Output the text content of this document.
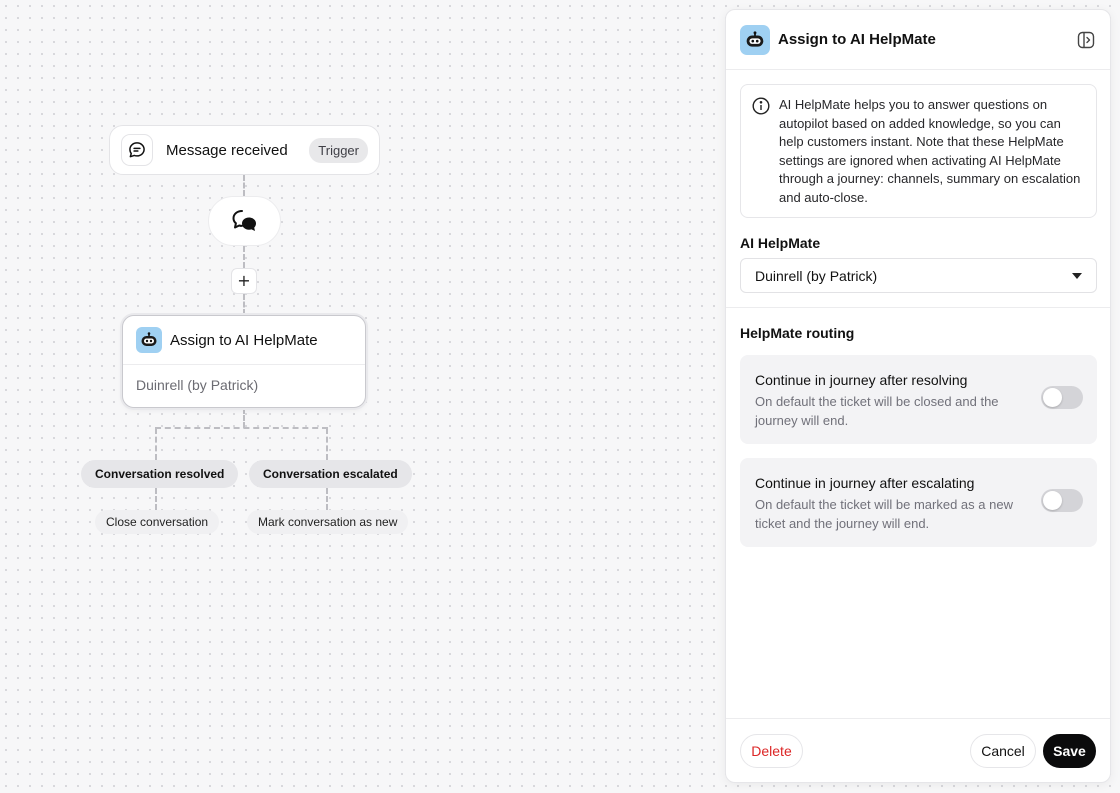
Message received	Trigger
+
Assign to AI HelpMate
Duinrell (by Patrick)
Conversation resolved	Conversation escalated
Close conversation	Mark conversation as new
Assign to AI HelpMate

AI HelpMate helps you to answer questions on autopilot based on added knowledge, so you can help customers instant. Note that these HelpMate settings are ignored when activating AI HelpMate through a journey: channels, summary on escalation and auto-close.

AI HelpMate
Duinrell (by Patrick)
HelpMate routing
Continue in journey after resolving
On default the ticket will be closed and the journey will end.
Continue in journey after escalating
On default the ticket will be marked as a new ticket and the journey will end.
Delete	Cancel	Save
